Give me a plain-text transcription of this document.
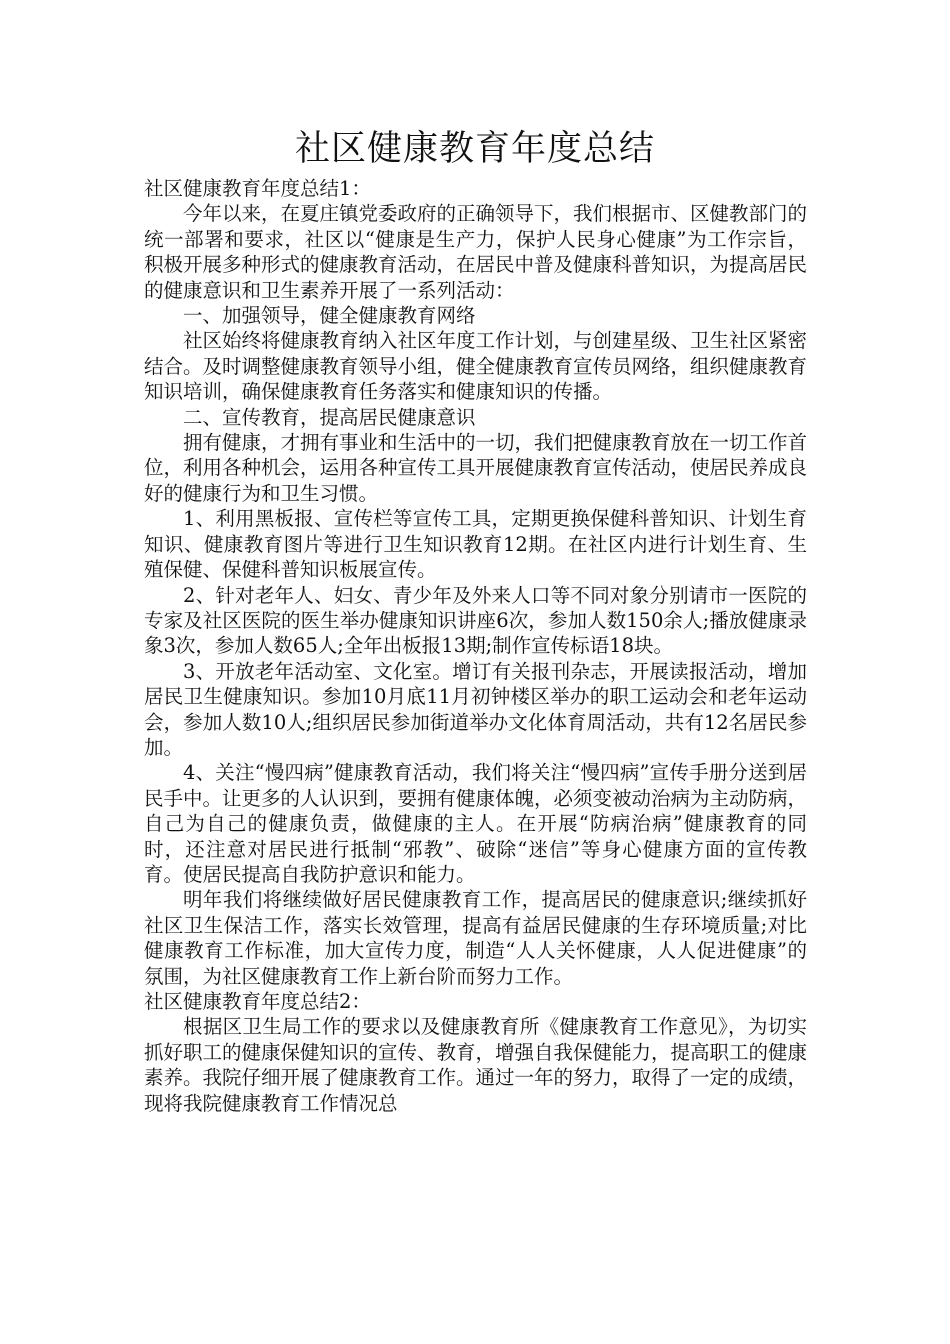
社区健康教育年度总结

社区健康教育年度总结1：

今年以来，在夏庄镇党委政府的正确领导下，我们根据市、区健教部门的统一部署和要求，社区以“健康是生产力，保护人民身心健康”为工作宗旨，积极开展多种形式的健康教育活动，在居民中普及健康科普知识，为提高居民的健康意识和卫生素养开展了一系列活动：

一、加强领导，健全健康教育网络

社区始终将健康教育纳入社区年度工作计划，与创建星级、卫生社区紧密结合。及时调整健康教育领导小组，健全健康教育宣传员网络，组织健康教育知识培训，确保健康教育任务落实和健康知识的传播。

二、宣传教育，提高居民健康意识

拥有健康，才拥有事业和生活中的一切，我们把健康教育放在一切工作首位，利用各种机会，运用各种宣传工具开展健康教育宣传活动，使居民养成良好的健康行为和卫生习惯。

1、利用黑板报、宣传栏等宣传工具，定期更换保健科普知识、计划生育知识、健康教育图片等进行卫生知识教育12期。在社区内进行计划生育、生殖保健、保健科普知识板展宣传。

2、针对老年人、妇女、青少年及外来人口等不同对象分别请市一医院的专家及社区医院的医生举办健康知识讲座6次，参加人数150余人;播放健康录象3次，参加人数65人;全年出板报13期;制作宣传标语18块。

3、开放老年活动室、文化室。增订有关报刊杂志，开展读报活动，增加居民卫生健康知识。参加10月底11月初钟楼区举办的职工运动会和老年运动会，参加人数10人;组织居民参加街道举办文化体育周活动，共有12名居民参加。

4、关注“慢四病”健康教育活动，我们将关注“慢四病”宣传手册分送到居民手中。让更多的人认识到，要拥有健康体魄，必须变被动治病为主动防病，自己为自己的健康负责，做健康的主人。在开展“防病治病”健康教育的同时，还注意对居民进行抵制“邪教”、破除“迷信”等身心健康方面的宣传教育。使居民提高自我防护意识和能力。

明年我们将继续做好居民健康教育工作，提高居民的健康意识;继续抓好社区卫生保洁工作，落实长效管理，提高有益居民健康的生存环境质量;对比健康教育工作标准，加大宣传力度，制造“人人关怀健康，人人促进健康”的氛围，为社区健康教育工作上新台阶而努力工作。

社区健康教育年度总结2：

根据区卫生局工作的要求以及健康教育所《健康教育工作意见》，为切实抓好职工的健康保健知识的宣传、教育，增强自我保健能力，提高职工的健康素养。我院仔细开展了健康教育工作。通过一年的努力，取得了一定的成绩，现将我院健康教育工作情况总
